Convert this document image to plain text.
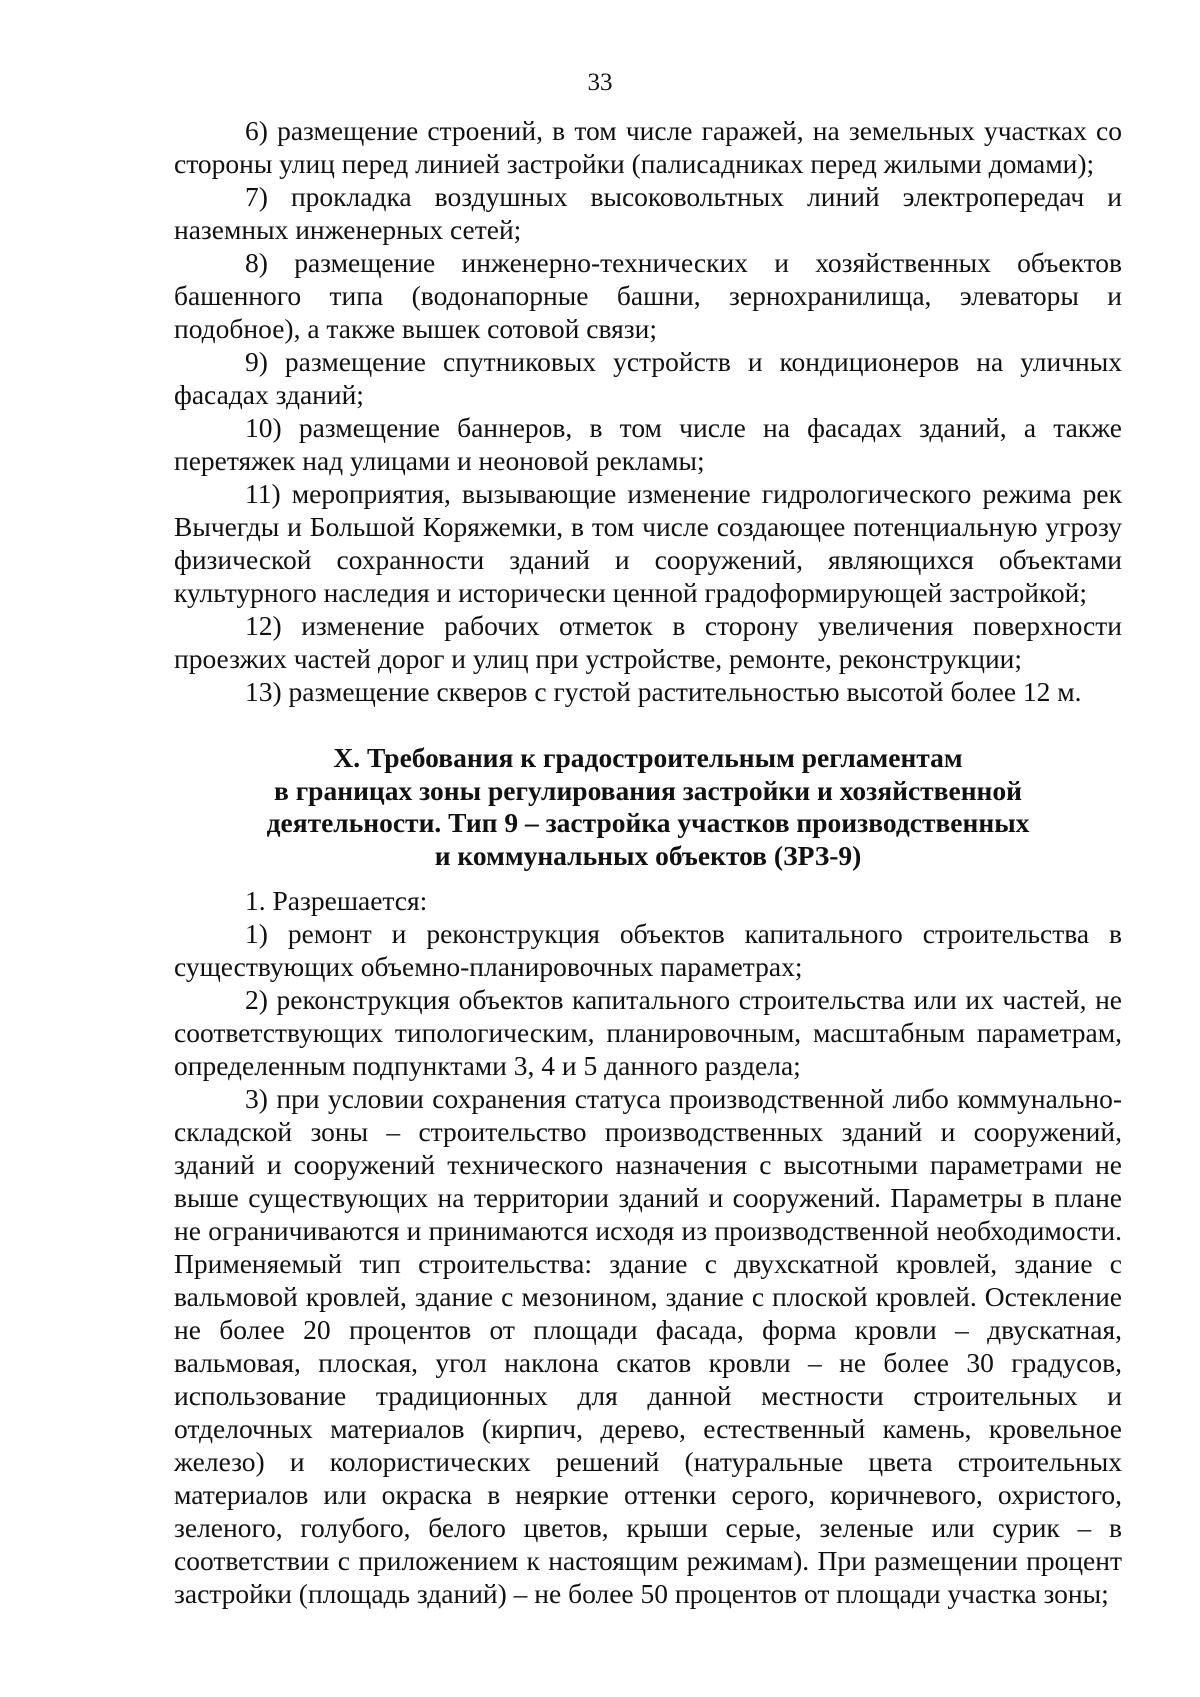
33

6) размещение строений, в том числе гаражей, на земельных участках со стороны улиц перед линией застройки (палисадниках перед жилыми домами);

7) прокладка воздушных высоковольтных линий электропередач и наземных инженерных сетей;

8) размещение инженерно-технических и хозяйственных объектов башенного типа (водонапорные башни, зернохранилища, элеваторы и подобное), а также вышек сотовой связи;

9) размещение спутниковых устройств и кондиционеров на уличных фасадах зданий;

10) размещение баннеров, в том числе на фасадах зданий, а также перетяжек над улицами и неоновой рекламы;

11) мероприятия, вызывающие изменение гидрологического режима рек Вычегды и Большой Коряжемки, в том числе создающее потенциальную угрозу физической сохранности зданий и сооружений, являющихся объектами культурного наследия и исторически ценной градоформирующей застройкой;

12) изменение рабочих отметок в сторону увеличения поверхности проезжих частей дорог и улиц при устройстве, ремонте, реконструкции;

13) размещение скверов с густой растительностью высотой более 12 м.

X. Требования к градостроительным регламентам
в границах зоны регулирования застройки и хозяйственной
деятельности. Тип 9 – застройка участков производственных
и коммунальных объектов (ЗРЗ-9)

1. Разрешается:

1) ремонт и реконструкция объектов капитального строительства в существующих объемно-планировочных параметрах;

2) реконструкция объектов капитального строительства или их частей, не соответствующих типологическим, планировочным, масштабным параметрам, определенным подпунктами 3, 4 и 5 данного раздела;

3) при условии сохранения статуса производственной либо коммунально-складской зоны – строительство производственных зданий и сооружений, зданий и сооружений технического назначения с высотными параметрами не выше существующих на территории зданий и сооружений. Параметры в плане не ограничиваются и принимаются исходя из производственной необходимости. Применяемый тип строительства: здание с двухскатной кровлей, здание с вальмовой кровлей, здание с мезонином, здание с плоской кровлей. Остекление не более 20 процентов от площади фасада, форма кровли – двускатная, вальмовая, плоская, угол наклона скатов кровли – не более 30 градусов, использование традиционных для данной местности строительных и отделочных материалов (кирпич, дерево, естественный камень, кровельное железо) и колористических решений (натуральные цвета строительных материалов или окраска в неяркие оттенки серого, коричневого, охристого, зеленого, голубого, белого цветов, крыши серые, зеленые или сурик – в соответствии с приложением к настоящим режимам). При размещении процент застройки (площадь зданий) – не более 50 процентов от площади участка зоны;
